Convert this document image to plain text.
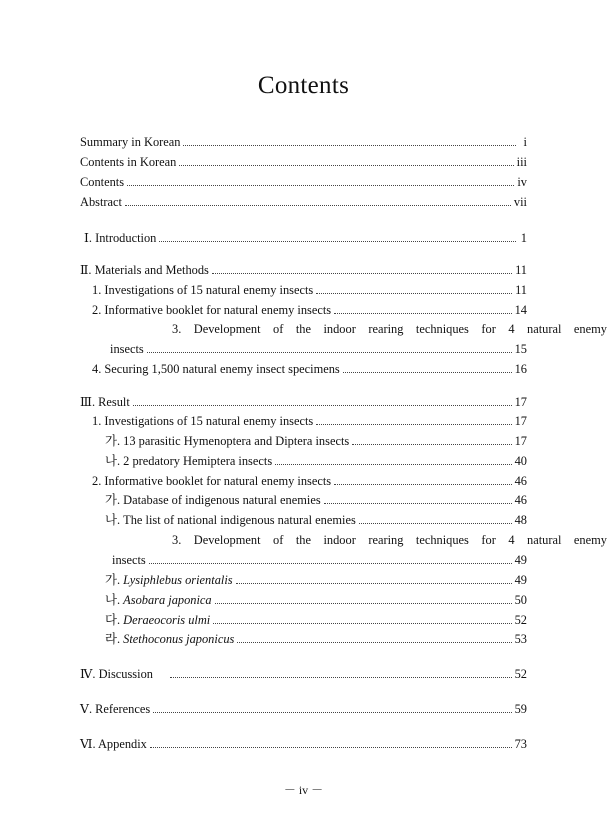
Contents
Summary in Korean	i
Contents in Korean	iii
Contents	iv
Abstract	vii
Ⅰ. Introduction	1
Ⅱ. Materials and Methods	11
1. Investigations of 15 natural enemy insects	11
2. Informative booklet for natural enemy insects	14
3. Development of the indoor rearing techniques for 4 natural enemy
insects	15
4. Securing 1,500 natural enemy insect specimens	16
Ⅲ. Result	17
1. Investigations of 15 natural enemy insects	17
가. 13 parasitic Hymenoptera and Diptera insects	17
나. 2 predatory Hemiptera insects	40
2. Informative booklet for natural enemy insects	46
가. Database of indigenous natural enemies	46
나. The list of national indigenous natural enemies	48
3. Development of the indoor rearing techniques for 4 natural enemy
insects	49
가. Lysiphlebus orientalis	49
나. Asobara japonica	50
다. Deraeocoris ulmi	52
라. Stethoconus japonicus	53
Ⅳ. Discussion	52
Ⅴ. References	59
Ⅵ. Appendix	73
－ iv －
